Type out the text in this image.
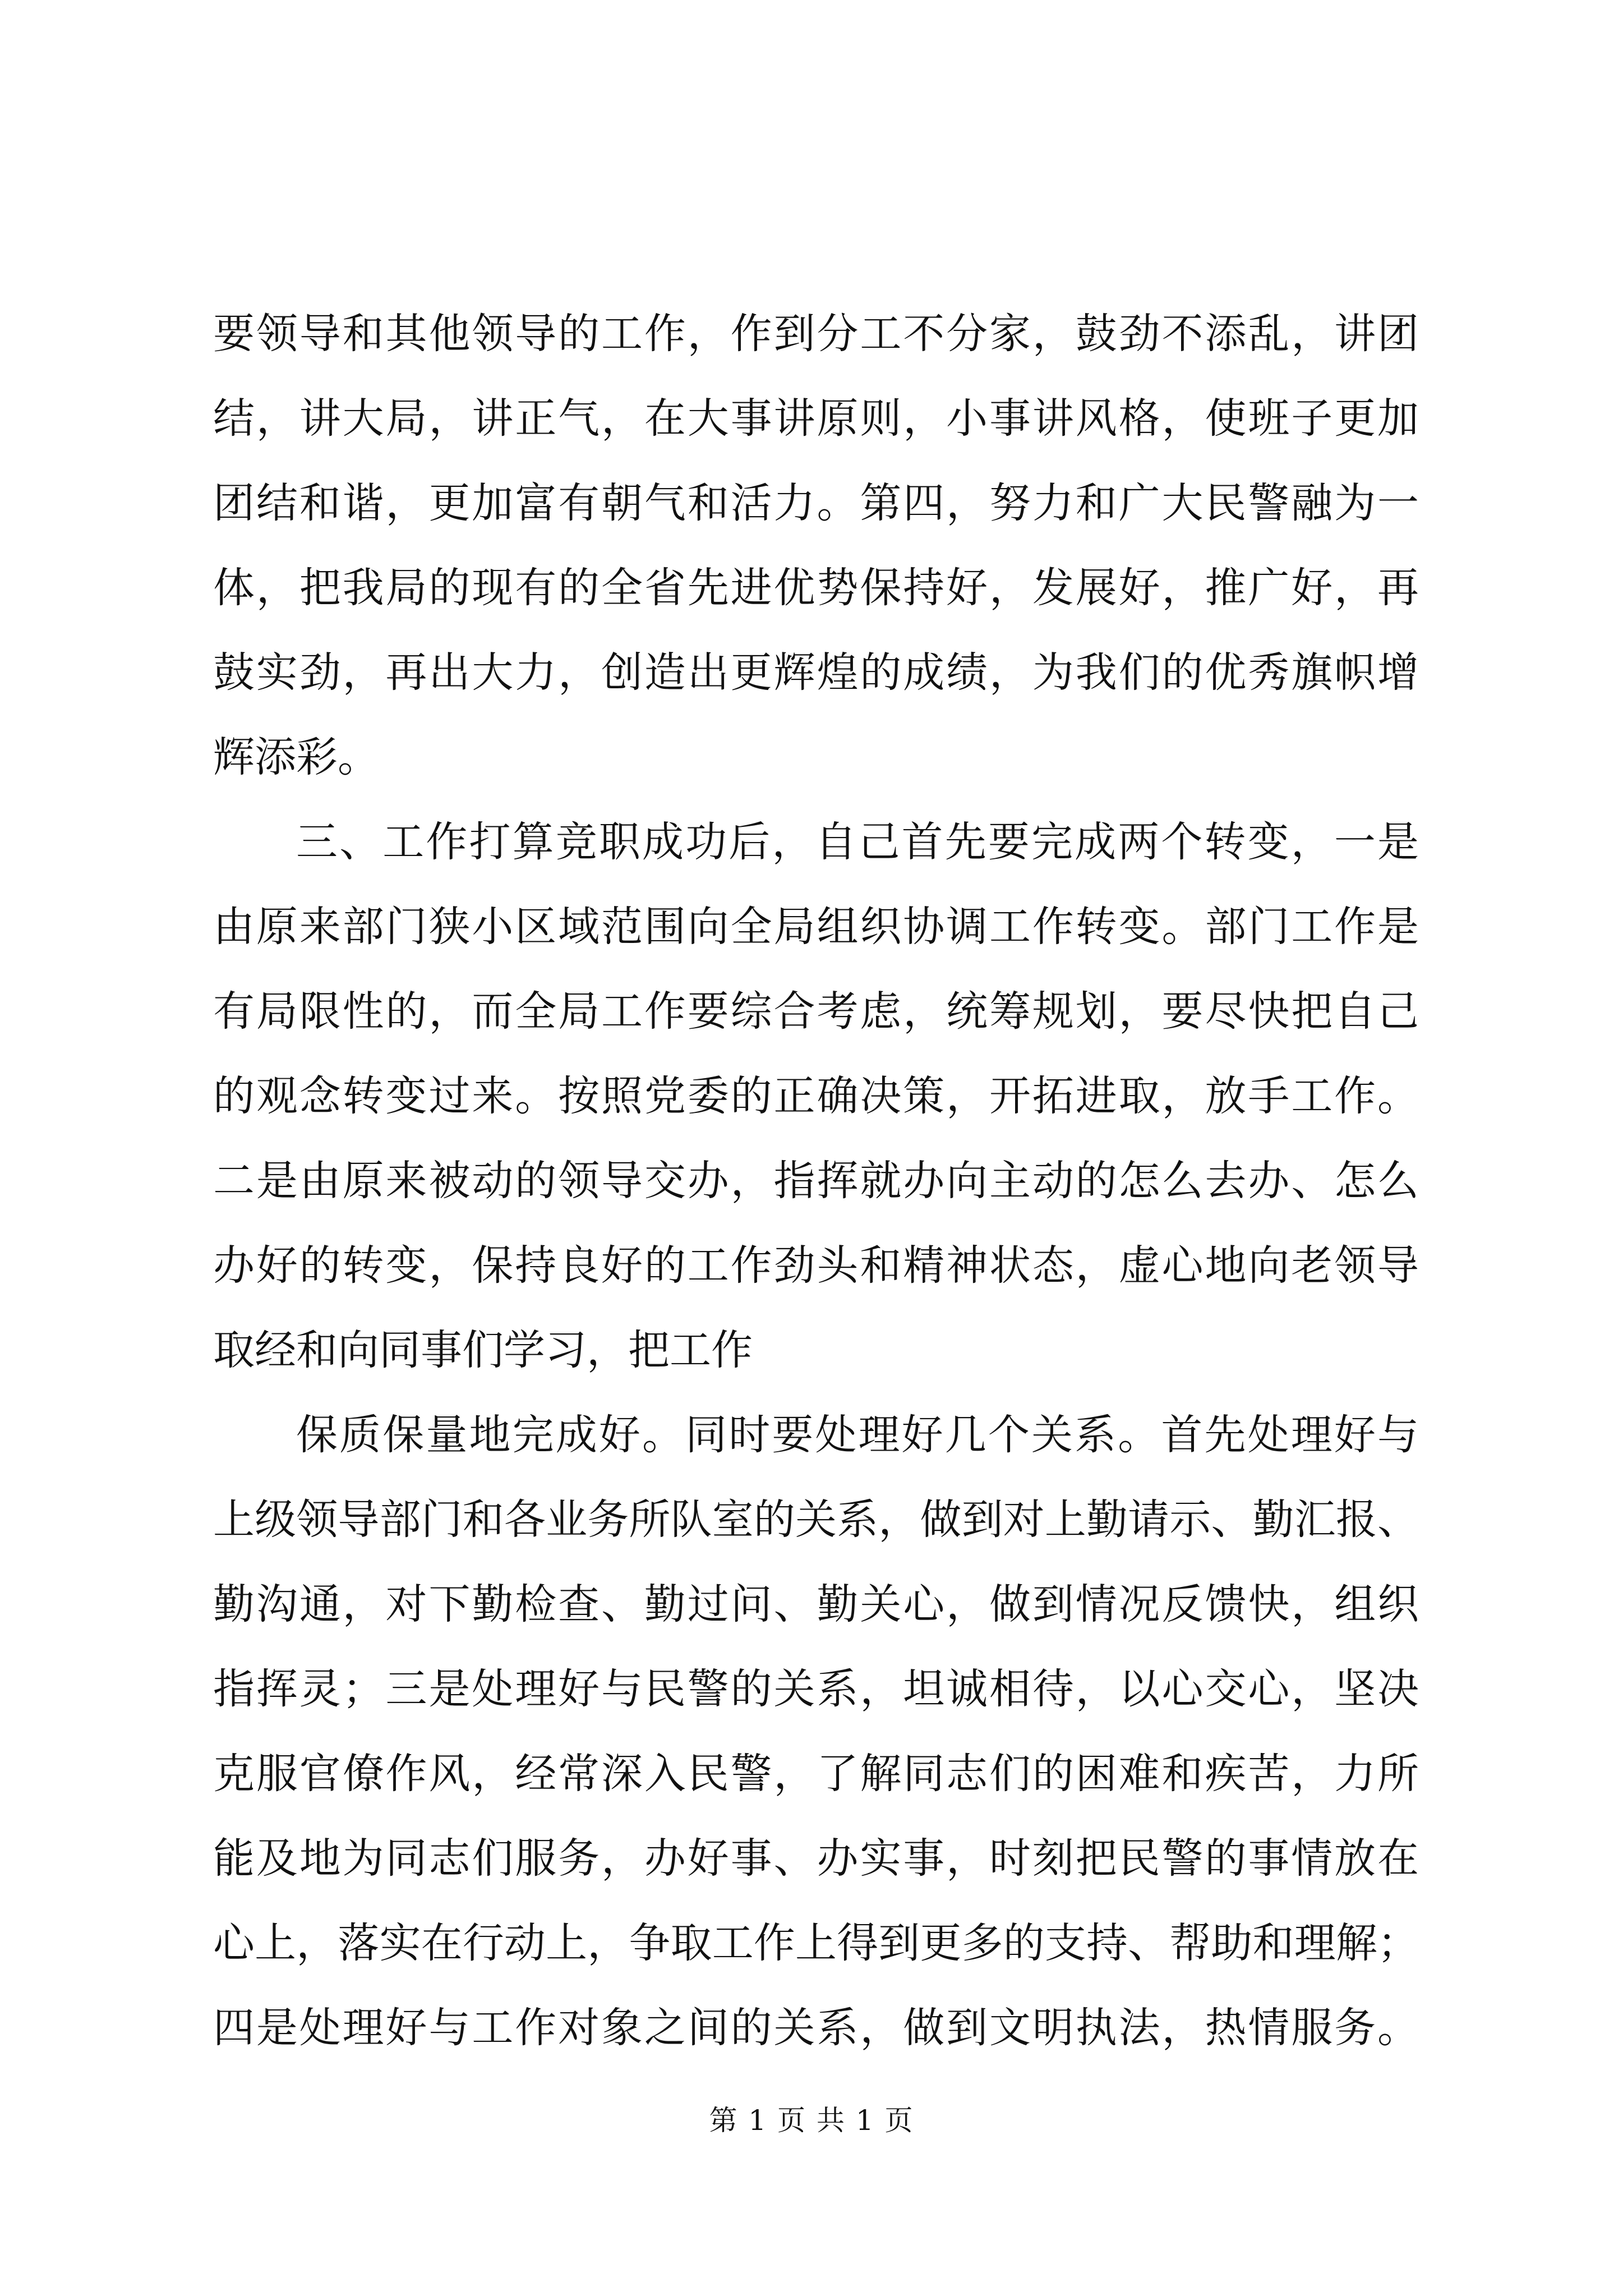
要领导和其他领导的工作，作到分工不分家，鼓劲不添乱，讲团
结，讲大局，讲正气，在大事讲原则，小事讲风格，使班子更加
团结和谐，更加富有朝气和活力。第四，努力和广大民警融为一
体，把我局的现有的全省先进优势保持好，发展好，推广好，再
鼓实劲，再出大力，创造出更辉煌的成绩，为我们的优秀旗帜增
辉添彩。
三、工作打算竞职成功后，自己首先要完成两个转变，一是
由原来部门狭小区域范围向全局组织协调工作转变。部门工作是
有局限性的，而全局工作要综合考虑，统筹规划，要尽快把自己
的观念转变过来。按照党委的正确决策，开拓进取，放手工作。
二是由原来被动的领导交办，指挥就办向主动的怎么去办、怎么
办好的转变，保持良好的工作劲头和精神状态，虚心地向老领导
取经和向同事们学习，把工作
保质保量地完成好。同时要处理好几个关系。首先处理好与
上级领导部门和各业务所队室的关系，做到对上勤请示、勤汇报、
勤沟通，对下勤检查、勤过问、勤关心，做到情况反馈快，组织
指挥灵；三是处理好与民警的关系，坦诚相待，以心交心，坚决
克服官僚作风，经常深入民警，了解同志们的困难和疾苦，力所
能及地为同志们服务，办好事、办实事，时刻把民警的事情放在
心上，落实在行动上，争取工作上得到更多的支持、帮助和理解；
四是处理好与工作对象之间的关系，做到文明执法，热情服务。
第 1 页 共 1 页
